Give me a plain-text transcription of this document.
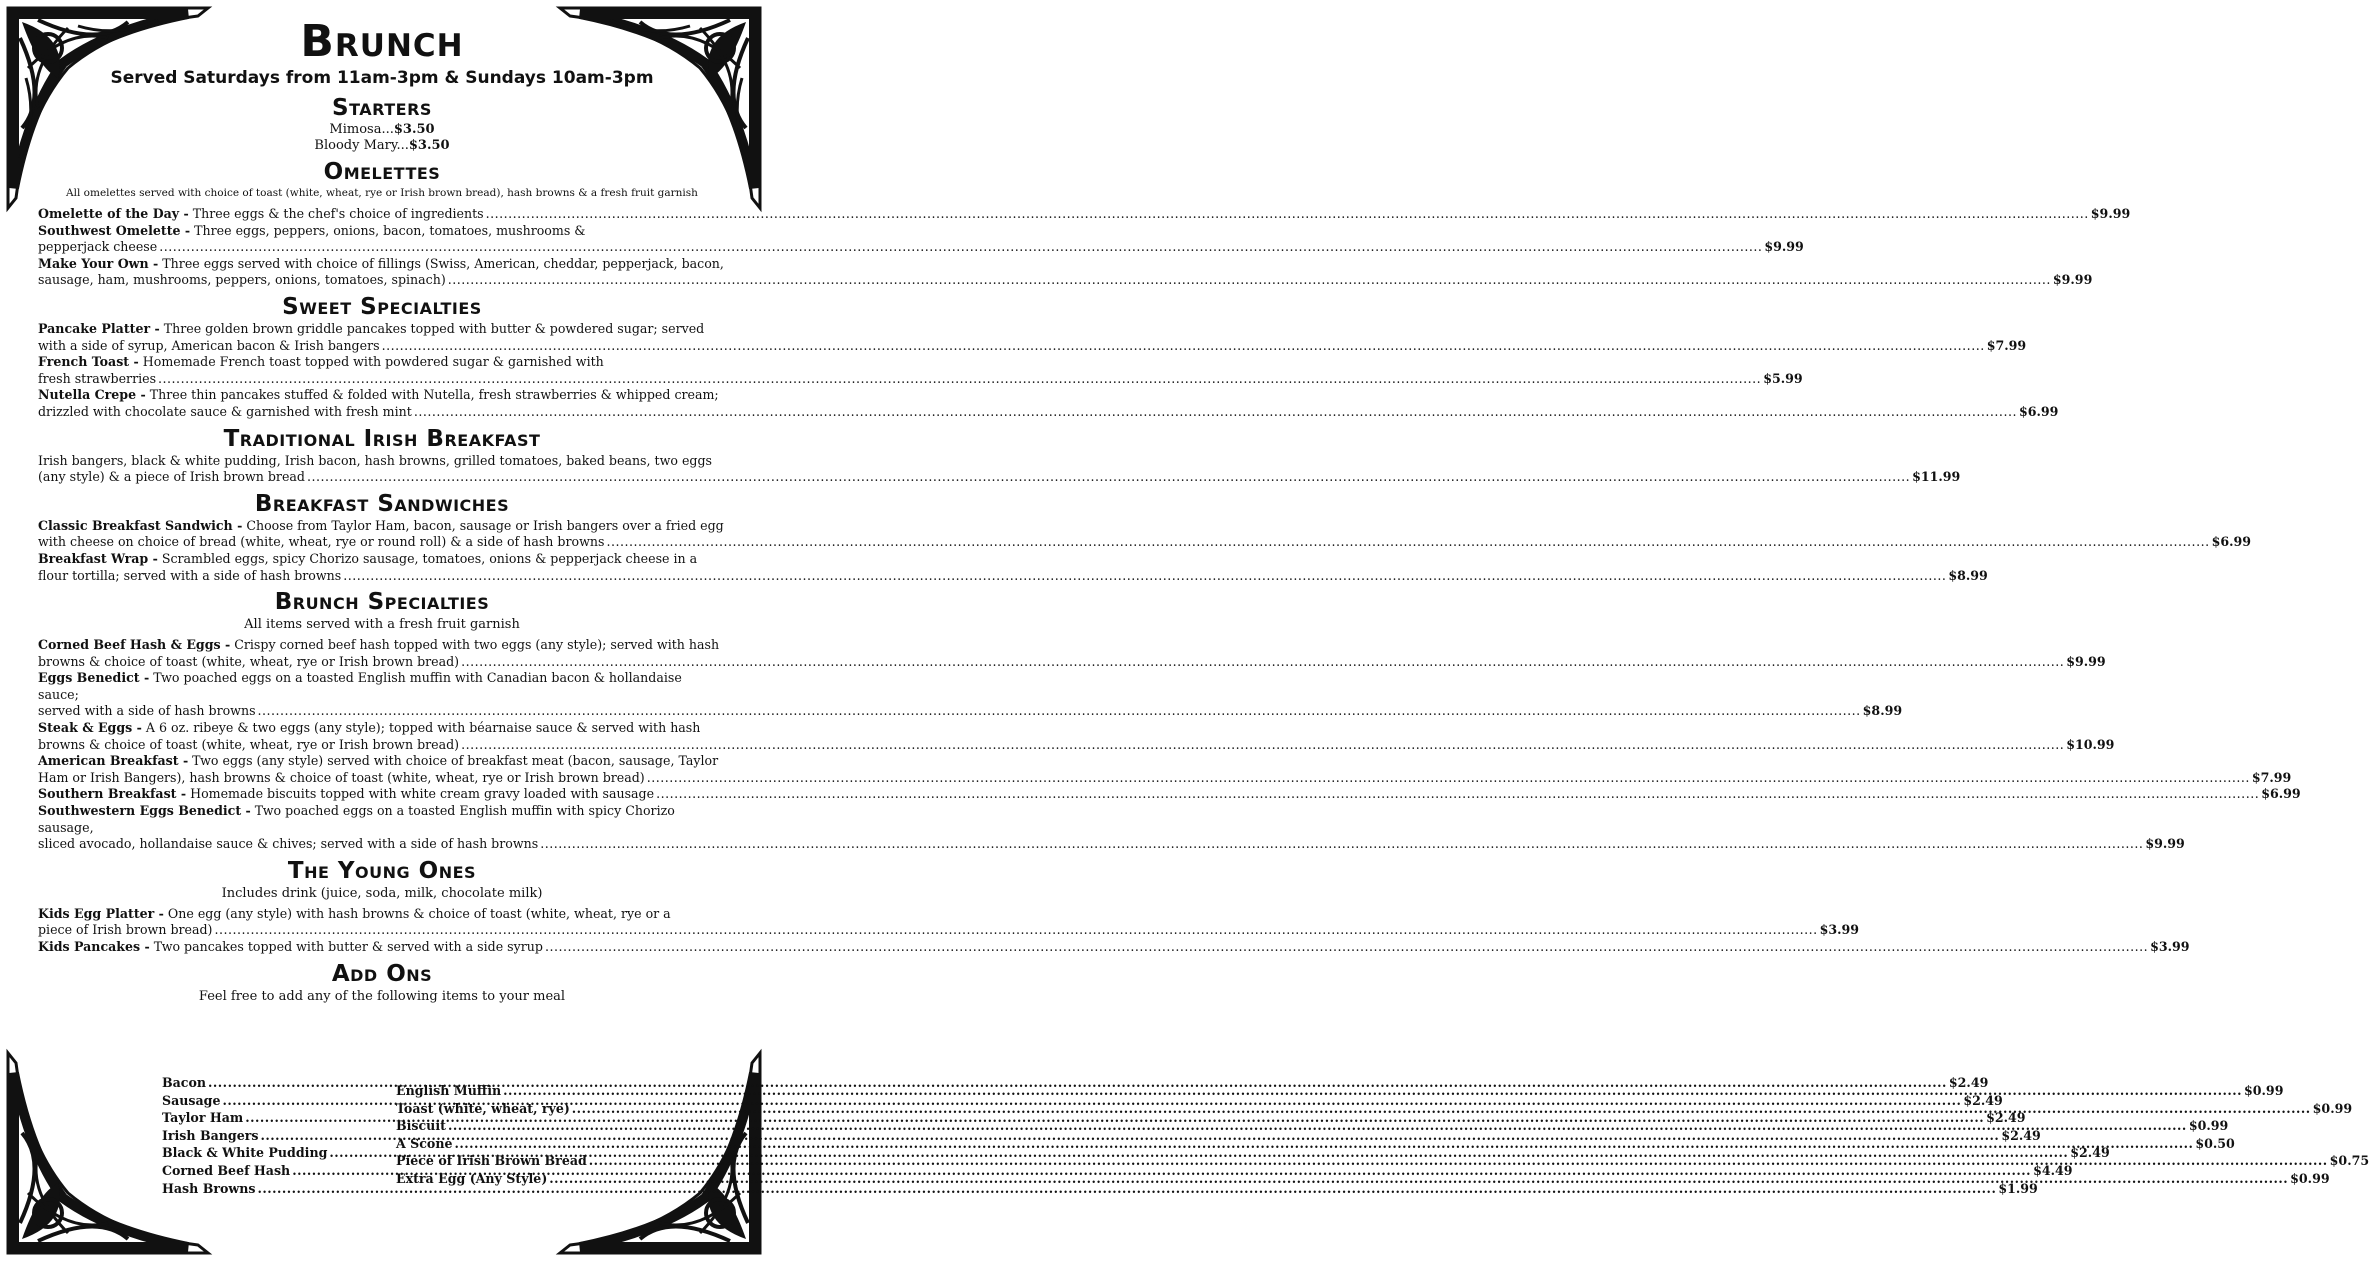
Brunch

Served Saturdays from 11am-3pm & Sundays 10am-3pm

Starters
Mimosa...$3.50
Bloody Mary...$3.50
Omelettes

All omelettes served with choice of toast (white, wheat, rye or Irish brown bread), hash browns & a fresh fruit garnish

Omelette of the Day - Three eggs & the chef's choice of ingredients .....	$9.99
Southwest Omelette - Three eggs, peppers, onions, bacon, tomatoes, mushrooms &
pepperjack cheese .....	$9.99
Make Your Own - Three eggs served with choice of fillings (Swiss, American, cheddar, pepperjack, bacon,
sausage, ham, mushrooms, peppers, onions, tomatoes, spinach) .....	$9.99
Sweet Specialties
Pancake Platter - Three golden brown griddle pancakes topped with butter & powdered sugar; served
with a side of syrup, American bacon & Irish bangers .....	$7.99
French Toast - Homemade French toast topped with powdered sugar & garnished with
fresh strawberries .....	$5.99
Nutella Crepe - Three thin pancakes stuffed & folded with Nutella, fresh strawberries & whipped cream;
drizzled with chocolate sauce & garnished with fresh mint .....	$6.99
Traditional Irish Breakfast
Irish bangers, black & white pudding, Irish bacon, hash browns, grilled tomatoes, baked beans, two eggs
(any style) & a piece of Irish brown bread .....	$11.99
Breakfast Sandwiches
Classic Breakfast Sandwich - Choose from Taylor Ham, bacon, sausage or Irish bangers over a fried egg
with cheese on choice of bread (white, wheat, rye or round roll) & a side of hash browns .....	$6.99
Breakfast Wrap - Scrambled eggs, spicy Chorizo sausage, tomatoes, onions & pepperjack cheese in a
flour tortilla; served with a side of hash browns .....	$8.99
Brunch Specialties

All items served with a fresh fruit garnish

Corned Beef Hash & Eggs - Crispy corned beef hash topped with two eggs (any style); served with hash
browns & choice of toast (white, wheat, rye or Irish brown bread) .....	$9.99
Eggs Benedict - Two poached eggs on a toasted English muffin with Canadian bacon & hollandaise sauce;
served with a side of hash browns .....	$8.99
Steak & Eggs - A 6 oz. ribeye & two eggs (any style); topped with béarnaise sauce & served with hash
browns & choice of toast (white, wheat, rye or Irish brown bread) .....	$10.99
American Breakfast - Two eggs (any style) served with choice of breakfast meat (bacon, sausage, Taylor
Ham or Irish Bangers), hash browns & choice of toast (white, wheat, rye or Irish brown bread) .....	$7.99
Southern Breakfast - Homemade biscuits topped with white cream gravy loaded with sausage .....	$6.99
Southwestern Eggs Benedict - Two poached eggs on a toasted English muffin with spicy Chorizo sausage,
sliced avocado, hollandaise sauce & chives; served with a side of hash browns .....	$9.99
The Young Ones

Includes drink (juice, soda, milk, chocolate milk)

Kids Egg Platter - One egg (any style) with hash browns & choice of toast (white, wheat, rye or a
piece of Irish brown bread) .....	$3.99
Kids Pancakes - Two pancakes topped with butter & served with a side syrup .....	$3.99
Add Ons

Feel free to add any of the following items to your meal

Bacon .....	$2.49
Sausage .....	$2.49
Taylor Ham .....	$2.49
Irish Bangers .....	$2.49
Black & White Pudding .....	$2.49
Corned Beef Hash .....	$4.49
Hash Browns .....	$1.99
English Muffin .....	$0.99
Toast (white, wheat, rye) .....	$0.99
Biscuit .....	$0.99
A Scone .....	$0.50
Piece of Irish Brown Bread .....	$0.75
Extra Egg (Any Style) .....	$0.99
